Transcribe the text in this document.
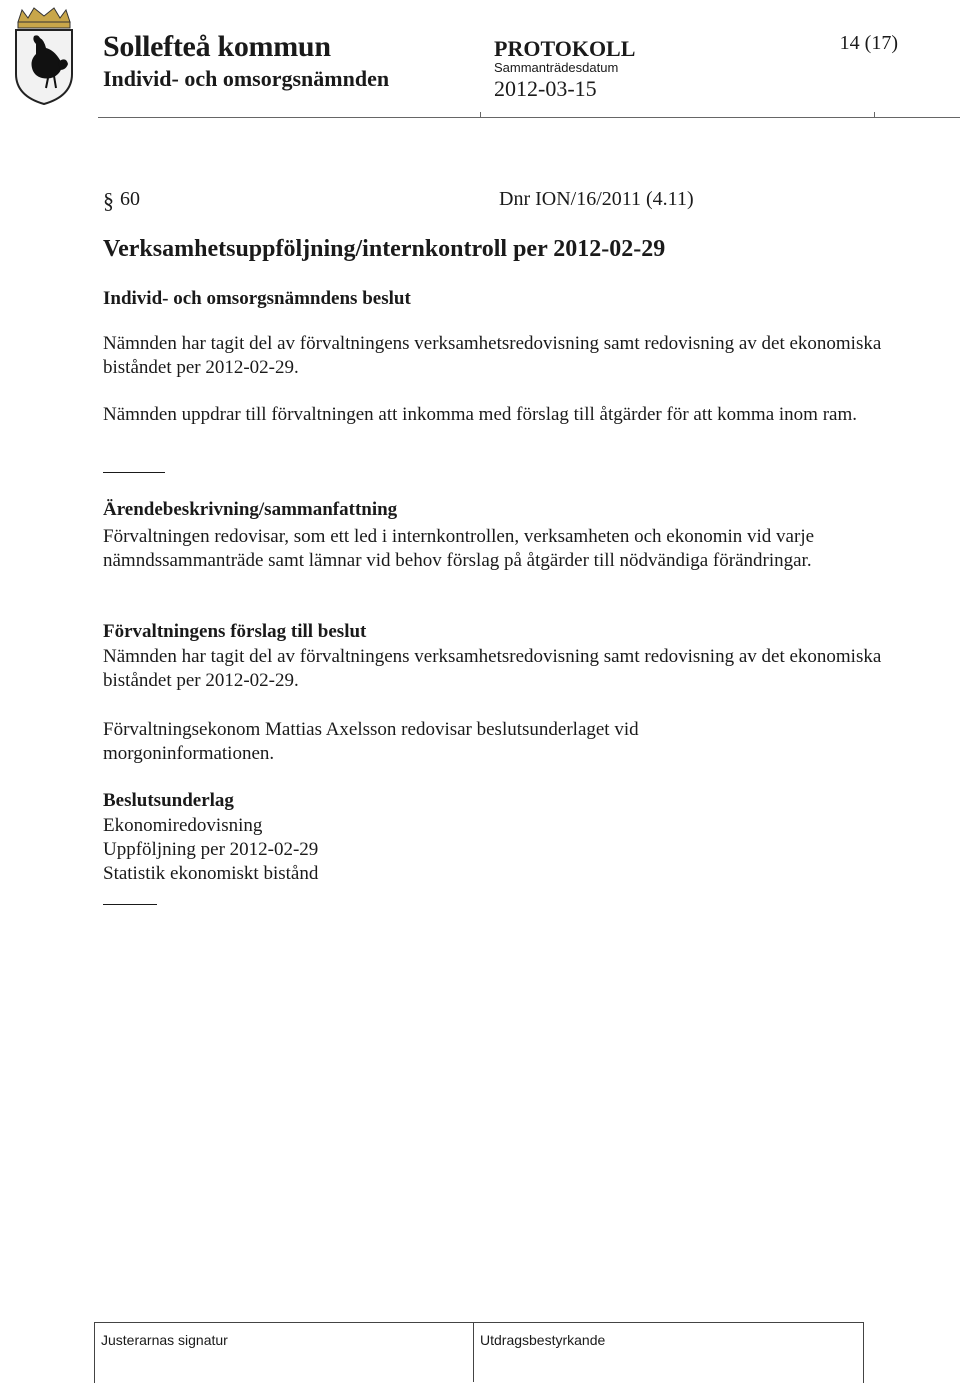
Sollefteå kommun
Individ- och omsorgsnämnden
PROTOKOLL
Sammanträdesdatum
2012-03-15
14 (17)
§ 60	Dnr ION/16/2011 (4.11)
Verksamhetsuppföljning/internkontroll per 2012-02-29
Individ- och omsorgsnämndens beslut
Nämnden har tagit del av förvaltningens verksamhetsredovisning samt redovisning av det ekonomiska biståndet per 2012-02-29.
Nämnden uppdrar till förvaltningen att inkomma med förslag till åtgärder för att komma inom ram.
Ärendebeskrivning/sammanfattning
Förvaltningen redovisar, som ett led i internkontrollen, verksamheten och ekonomin vid varje nämndssammanträde samt lämnar vid behov förslag på åtgärder till nödvändiga förändringar.
Förvaltningens förslag till beslut
Nämnden har tagit del av förvaltningens verksamhetsredovisning samt redovisning av det ekonomiska biståndet per 2012-02-29.
Förvaltningsekonom Mattias Axelsson redovisar beslutsunderlaget vid morgoninformationen.
Beslutsunderlag
Ekonomiredovisning
Uppföljning per 2012-02-29
Statistik ekonomiskt bistånd
Justerarnas signatur	Utdragsbestyrkande
